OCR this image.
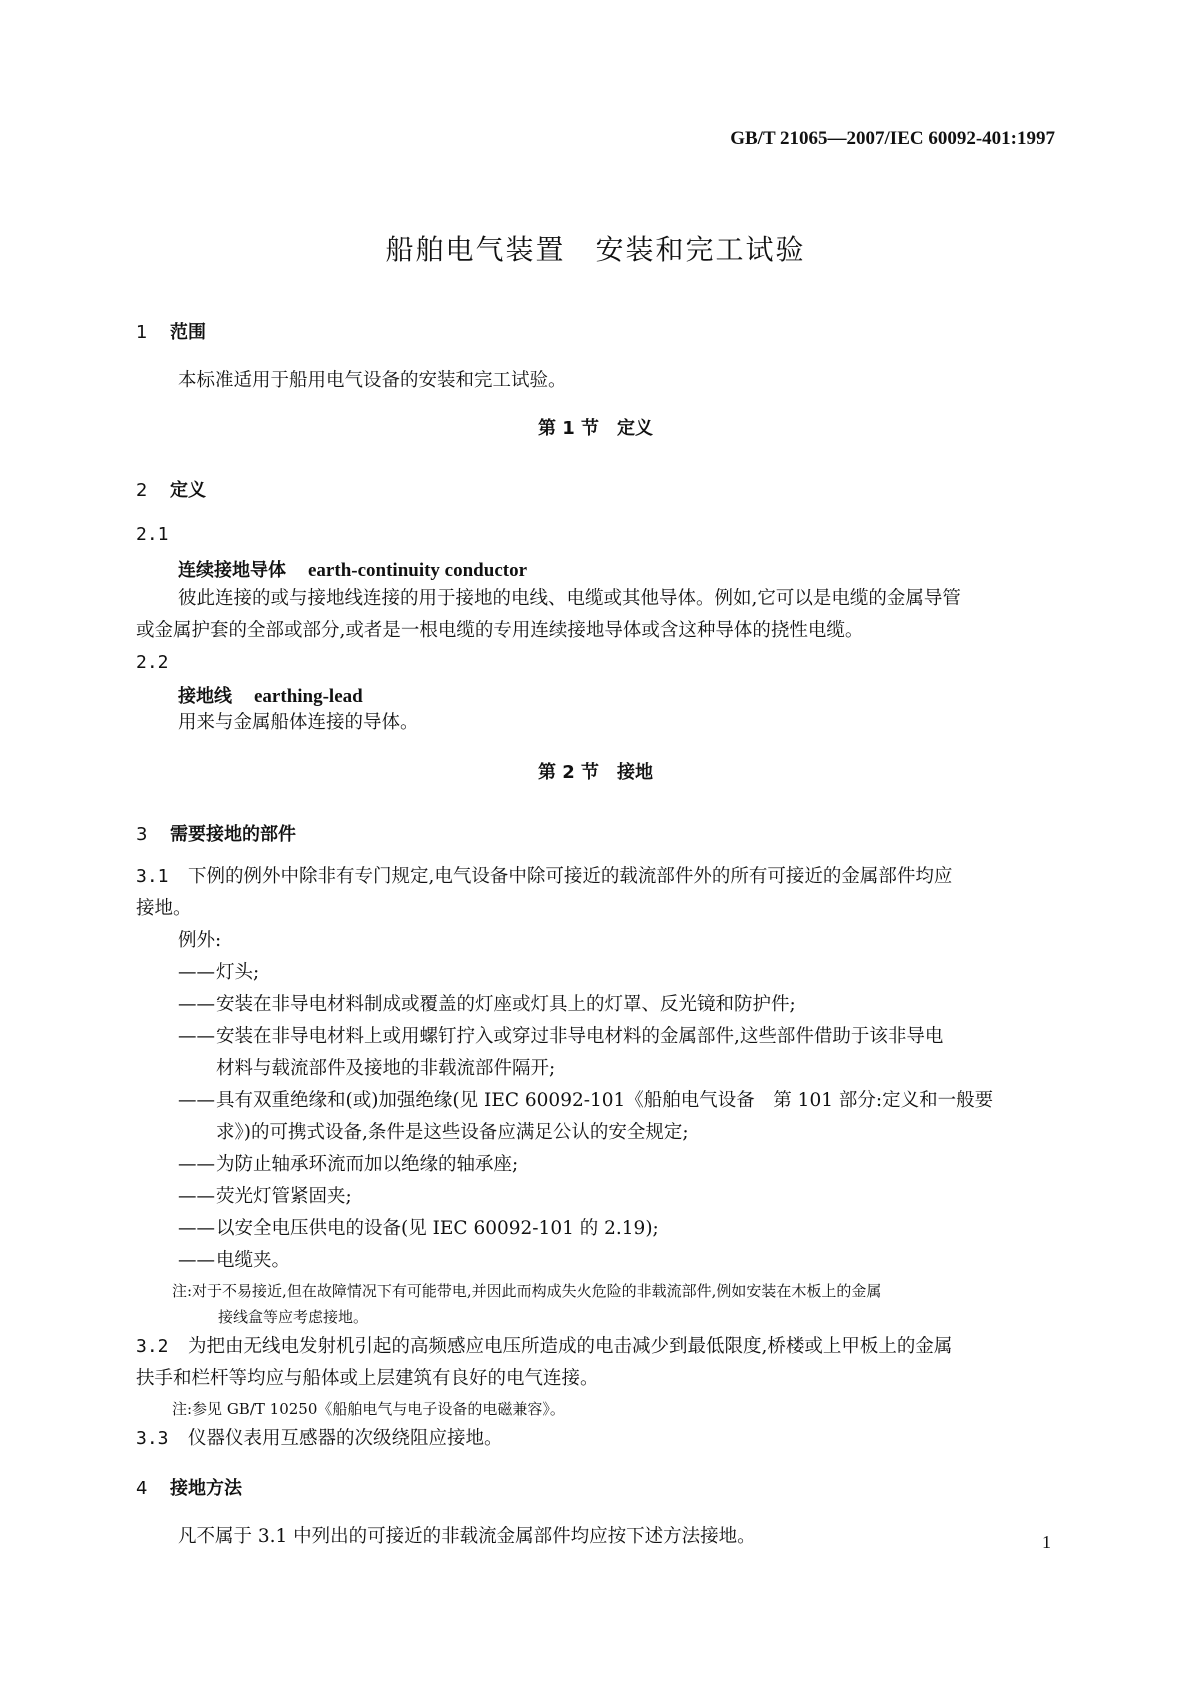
GB/T 21065—2007/IEC 60092-401:1997
船舶电气装置　安装和完工试验
1 范围
本标准适用于船用电气设备的安装和完工试验。
第 1 节　定义
2 定义
2.1
连续接地导体 earth-continuity conductor
彼此连接的或与接地线连接的用于接地的电线、电缆或其他导体。例如,它可以是电缆的金属导管
或金属护套的全部或部分,或者是一根电缆的专用连续接地导体或含这种导体的挠性电缆。
2.2
接地线 earthing-lead
用来与金属船体连接的导体。
第 2 节　接地
3 需要接地的部件
3.1 下例的例外中除非有专门规定,电气设备中除可接近的载流部件外的所有可接近的金属部件均应
接地。
例外:
——灯头;
——安装在非导电材料制成或覆盖的灯座或灯具上的灯罩、反光镜和防护件;
——安装在非导电材料上或用螺钉拧入或穿过非导电材料的金属部件,这些部件借助于该非导电
材料与载流部件及接地的非载流部件隔开;
——具有双重绝缘和(或)加强绝缘(见 IEC 60092-101《船舶电气设备　第 101 部分:定义和一般要
求》)的可携式设备,条件是这些设备应满足公认的安全规定;
——为防止轴承环流而加以绝缘的轴承座;
——荧光灯管紧固夹;
——以安全电压供电的设备(见 IEC 60092-101 的 2.19);
——电缆夹。
注:对于不易接近,但在故障情况下有可能带电,并因此而构成失火危险的非载流部件,例如安装在木板上的金属
接线盒等应考虑接地。
3.2 为把由无线电发射机引起的高频感应电压所造成的电击减少到最低限度,桥楼或上甲板上的金属
扶手和栏杆等均应与船体或上层建筑有良好的电气连接。
注:参见 GB/T 10250《船舶电气与电子设备的电磁兼容》。
3.3 仪器仪表用互感器的次级绕阻应接地。
4 接地方法
凡不属于 3.1 中列出的可接近的非载流金属部件均应按下述方法接地。	1
